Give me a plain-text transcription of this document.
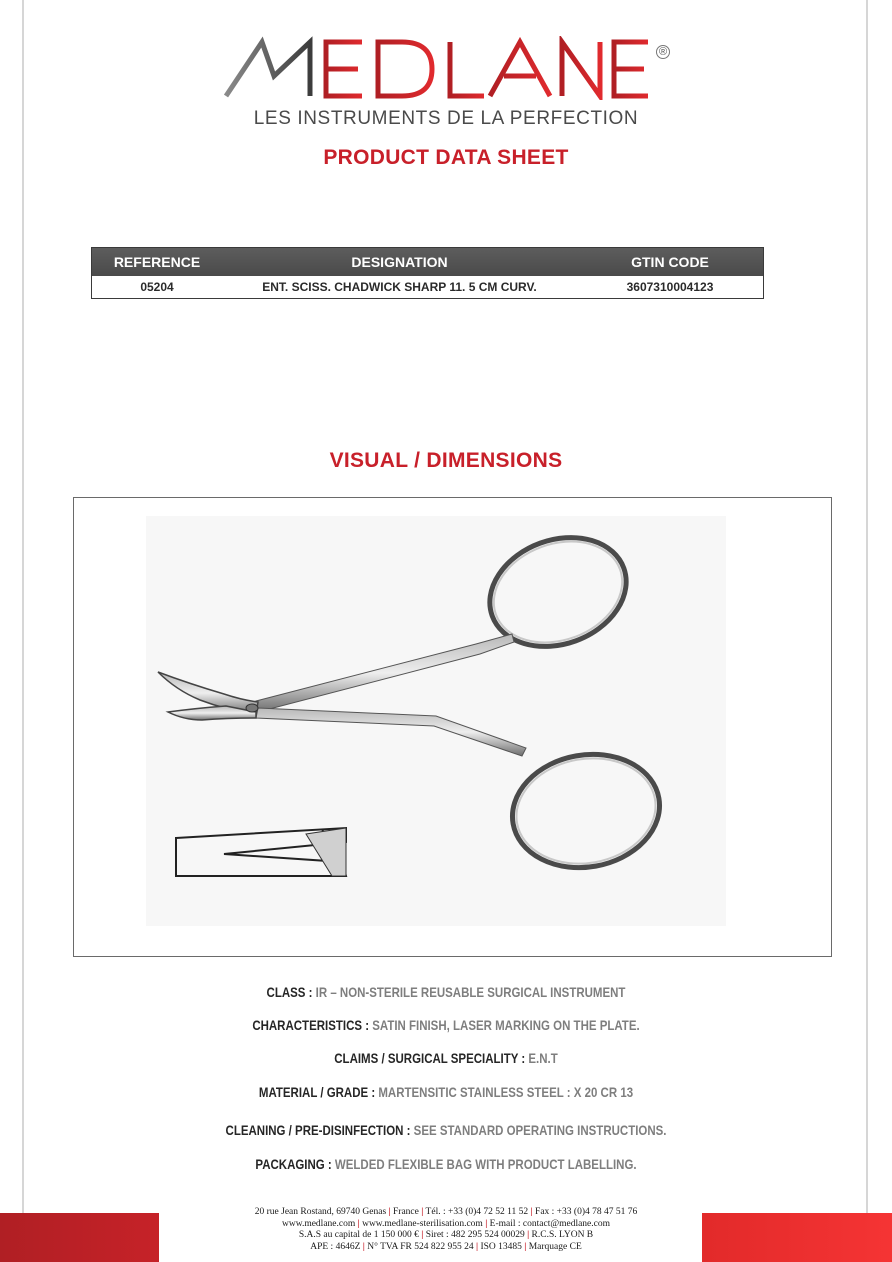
®
LES INSTRUMENTS DE LA PERFECTION
PRODUCT DATA SHEET
REFERENCE	DESIGNATION	GTIN CODE
05204	ENT. SCISS. CHADWICK SHARP 11. 5 CM CURV.	3607310004123
VISUAL / DIMENSIONS
CLASS : IR – NON-STERILE REUSABLE SURGICAL INSTRUMENT
CHARACTERISTICS : SATIN FINISH, LASER MARKING ON THE PLATE.
CLAIMS / SURGICAL SPECIALITY : E.N.T
MATERIAL / GRADE : MARTENSITIC STAINLESS STEEL : X 20 CR 13
CLEANING / PRE-DISINFECTION : SEE STANDARD OPERATING INSTRUCTIONS.
PACKAGING : WELDED FLEXIBLE BAG WITH PRODUCT LABELLING.
20 rue Jean Rostand, 69740 Genas | France | Tél. : +33 (0)4 72 52 11 52 | Fax : +33 (0)4 78 47 51 76
www.medlane.com | www.medlane-sterilisation.com | E-mail : contact@medlane.com
S.A.S au capital de 1 150 000 € | Siret : 482 295 524 00029 | R.C.S. LYON B
APE : 4646Z | N° TVA FR 524 822 955 24 | ISO 13485 | Marquage CE
